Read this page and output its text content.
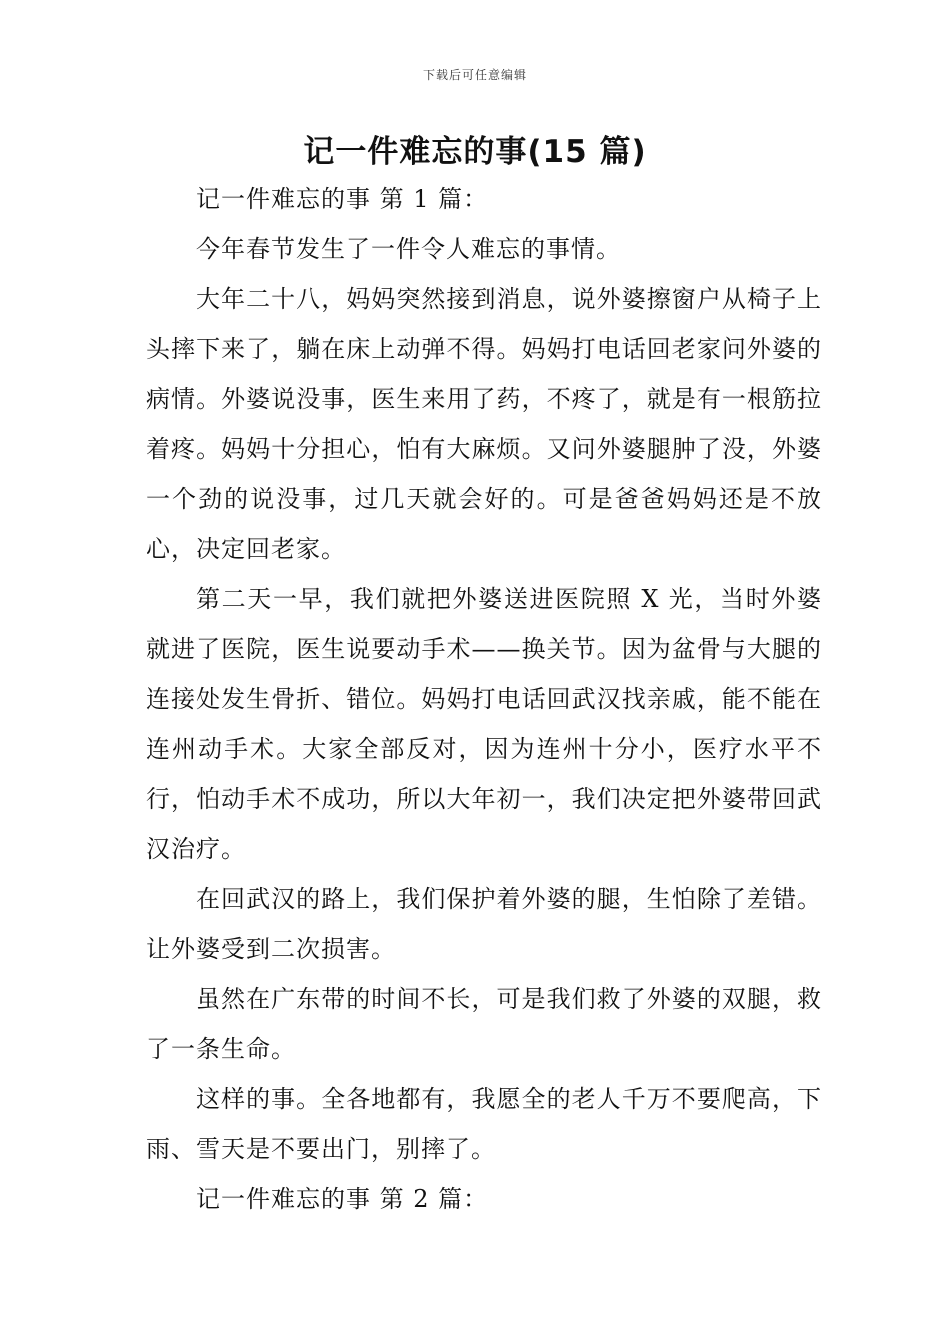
下载后可任意编辑
记一件难忘的事(15 篇)

记一件难忘的事 第 1 篇：

今年春节发生了一件令人难忘的事情。

大年二十八，妈妈突然接到消息，说外婆擦窗户从椅子上头摔下来了，躺在床上动弹不得。妈妈打电话回老家问外婆的病情。外婆说没事，医生来用了药，不疼了，就是有一根筋拉着疼。妈妈十分担心，怕有大麻烦。又问外婆腿肿了没，外婆一个劲的说没事，过几天就会好的。可是爸爸妈妈还是不放心，决定回老家。

第二天一早，我们就把外婆送进医院照 X 光，当时外婆就进了医院，医生说要动手术——换关节。因为盆骨与大腿的连接处发生骨折、错位。妈妈打电话回武汉找亲戚，能不能在连州动手术。大家全部反对，因为连州十分小，医疗水平不行，怕动手术不成功，所以大年初一，我们决定把外婆带回武汉治疗。

在回武汉的路上，我们保护着外婆的腿，生怕除了差错。让外婆受到二次损害。

虽然在广东带的时间不长，可是我们救了外婆的双腿，救了一条生命。

这样的事。全各地都有，我愿全的老人千万不要爬高，下雨、雪天是不要出门，别摔了。

记一件难忘的事 第 2 篇：
